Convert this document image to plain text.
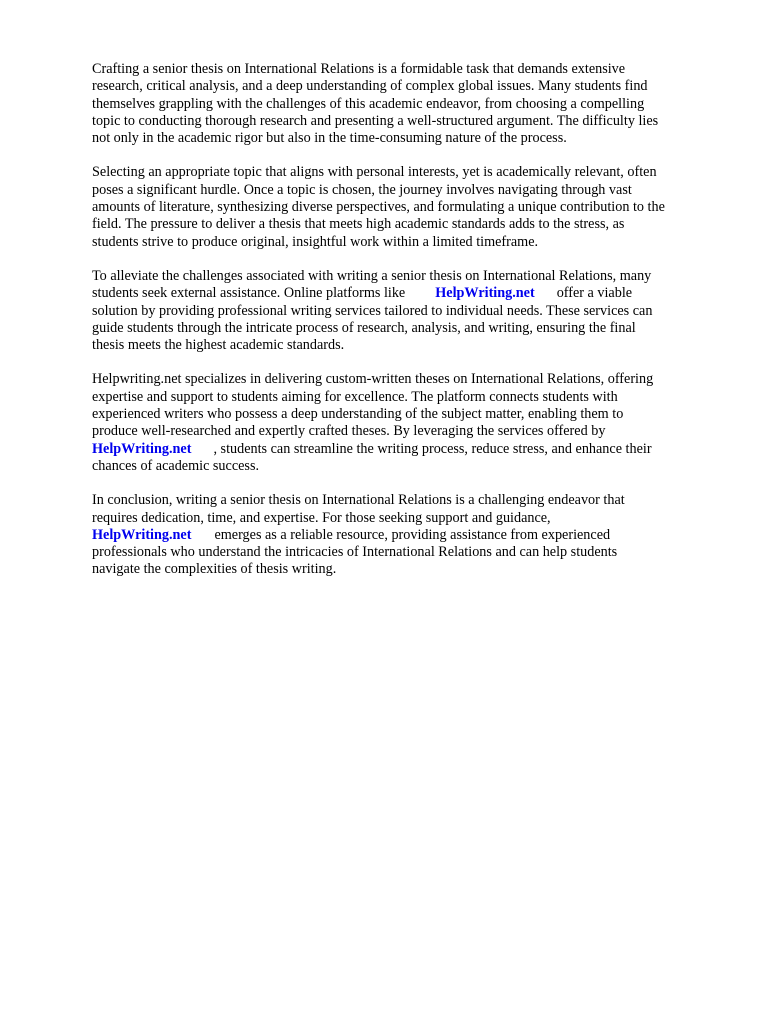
Crafting a senior thesis on International Relations is a formidable task that demands extensive
research, critical analysis, and a deep understanding of complex global issues. Many students find
themselves grappling with the challenges of this academic endeavor, from choosing a compelling
topic to conducting thorough research and presenting a well-structured argument. The difficulty lies
not only in the academic rigor but also in the time-consuming nature of the process.

Selecting an appropriate topic that aligns with personal interests, yet is academically relevant, often
poses a significant hurdle. Once a topic is chosen, the journey involves navigating through vast
amounts of literature, synthesizing diverse perspectives, and formulating a unique contribution to the
field. The pressure to deliver a thesis that meets high academic standards adds to the stress, as
students strive to produce original, insightful work within a limited timeframe.

To alleviate the challenges associated with writing a senior thesis on International Relations, many
students seek external assistance. Online platforms like HelpWriting.net offer a viable
solution by providing professional writing services tailored to individual needs. These services can
guide students through the intricate process of research, analysis, and writing, ensuring the final
thesis meets the highest academic standards.

Helpwriting.net specializes in delivering custom-written theses on International Relations, offering
expertise and support to students aiming for excellence. The platform connects students with
experienced writers who possess a deep understanding of the subject matter, enabling them to
produce well-researched and expertly crafted theses. By leveraging the services offered by
HelpWriting.net , students can streamline the writing process, reduce stress, and enhance their
chances of academic success.

In conclusion, writing a senior thesis on International Relations is a challenging endeavor that
requires dedication, time, and expertise. For those seeking support and guidance,
HelpWriting.net emerges as a reliable resource, providing assistance from experienced
professionals who understand the intricacies of International Relations and can help students
navigate the complexities of thesis writing.
